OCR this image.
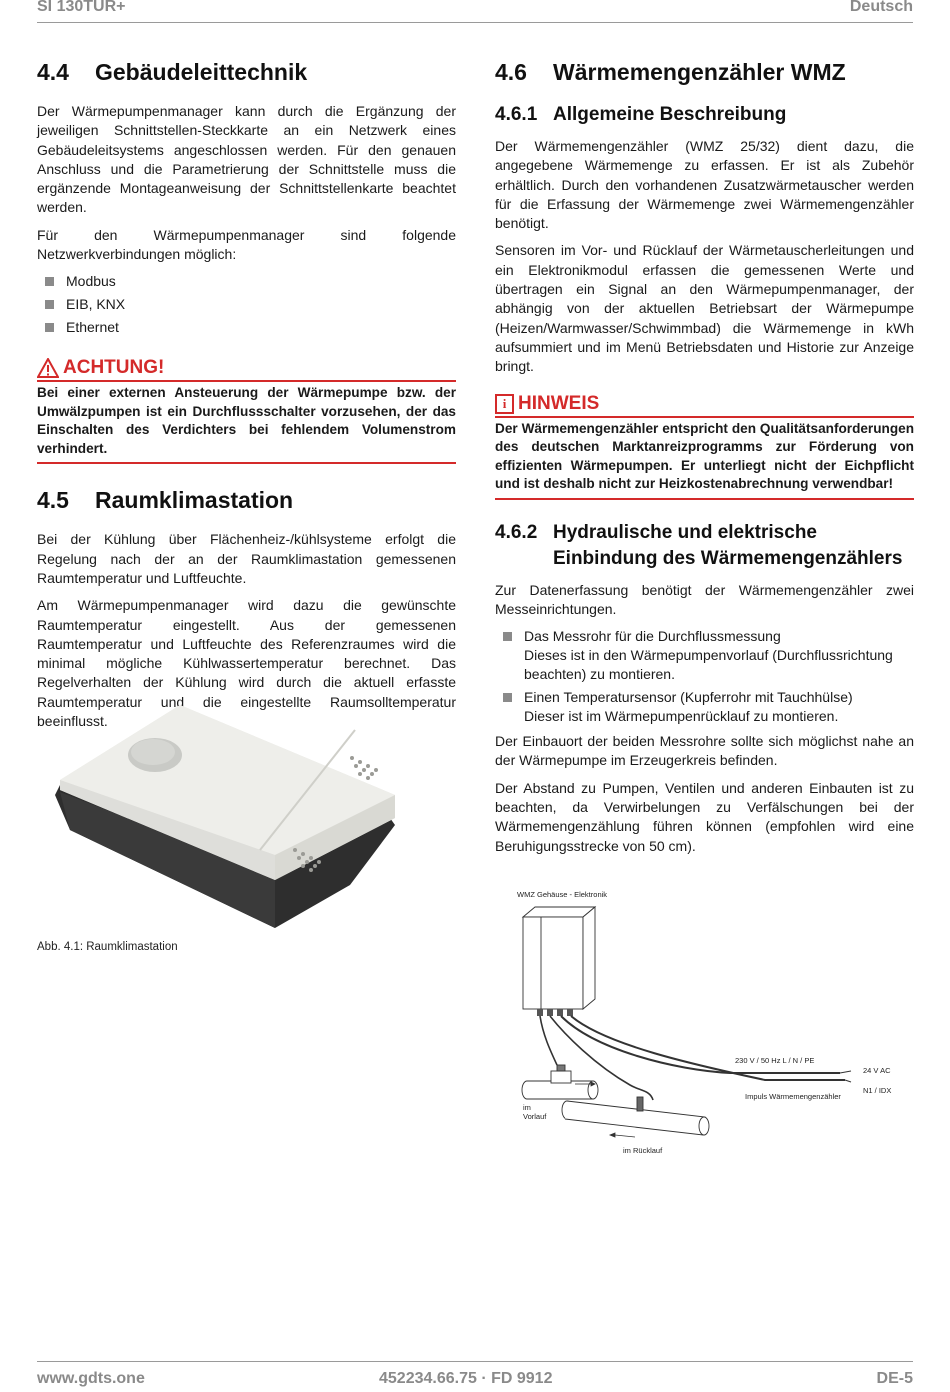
SI 130TUR+	Deutsch
4.4 Gebäudeleittechnik

Der Wärmepumpenmanager kann durch die Ergänzung der jeweiligen Schnittstellen-Steckkarte an ein Netzwerk eines Gebäudeleitsystems angeschlossen werden. Für den genauen Anschluss und die Parametrierung der Schnittstelle muss die ergänzende Montageanweisung der Schnittstellenkarte beachtet werden.

Für den Wärmepumpenmanager sind folgende Netzwerkverbindungen möglich:

Modbus
EIB, KNX
Ethernet
ACHTUNG!
Bei einer externen Ansteuerung der Wärmepumpe bzw. der Umwälzpumpen ist ein Durchflussschalter vorzusehen, der das Einschalten des Verdichters bei fehlendem Volumenstrom verhindert.
4.5 Raumklimastation

Bei der Kühlung über Flächenheiz-/kühlsysteme erfolgt die Regelung nach der an der Raumklimastation gemessenen Raumtemperatur und Luftfeuchte.

Am Wärmepumpenmanager wird dazu die gewünschte Raumtemperatur eingestellt. Aus der gemessenen Raumtemperatur und Luftfeuchte des Referenzraumes wird die minimal mögliche Kühlwassertemperatur berechnet. Das Regelverhalten der Kühlung wird durch die aktuell erfasste Raumtemperatur und die eingestellte Raumsolltemperatur beeinflusst.

Abb. 4.1: Raumklimastation
4.6 Wärmemengenzähler WMZ
4.6.1 Allgemeine Beschreibung

Der Wärmemengenzähler (WMZ 25/32) dient dazu, die angegebene Wärmemenge zu erfassen. Er ist als Zubehör erhältlich. Durch den vorhandenen Zusatzwärmetauscher werden für die Erfassung der Wärmemenge zwei Wärmemengenzähler benötigt.

Sensoren im Vor- und Rücklauf der Wärmetauscherleitungen und ein Elektronikmodul erfassen die gemessenen Werte und übertragen ein Signal an den Wärmepumpenmanager, der abhängig von der aktuellen Betriebsart der Wärmepumpe (Heizen/Warmwasser/Schwimmbad) die Wärmemenge in kWh aufsummiert und im Menü Betriebsdaten und Historie zur Anzeige bringt.

i HINWEIS
Der Wärmemengenzähler entspricht den Qualitätsanforderungen des deutschen Marktanreizprogramms zur Förderung von effizienten Wärmepumpen. Er unterliegt nicht der Eichpflicht und ist deshalb nicht zur Heizkostenabrechnung verwendbar!
4.6.2 Hydraulische und elektrische Einbindung des Wärmemengenzählers

Zur Datenerfassung benötigt der Wärmemengenzähler zwei Messeinrichtungen.

Das Messrohr für die Durchflussmessung
Dieses ist in den Wärmepumpenvorlauf (Durchflussrichtung beachten) zu montieren.
Einen Temperatursensor (Kupferrohr mit Tauchhülse)
Dieser ist im Wärmepumpenrücklauf zu montieren.

Der Einbauort der beiden Messrohre sollte sich möglichst nahe an der Wärmepumpe im Erzeugerkreis befinden.

Der Abstand zu Pumpen, Ventilen und anderen Einbauten ist zu beachten, da Verwirbelungen zu Verfälschungen bei der Wärmemengenzählung führen können (empfohlen wird eine Beruhigungsstrecke von 50 cm).

WMZ Gehäuse - Elektronik
230 V / 50 Hz L / N / PE
24 V AC
N1 / IDX
Impuls Wärmemengenzähler
im
Vorlauf
im Rücklauf
www.gdts.one	452234.66.75 · FD 9912	DE-5
